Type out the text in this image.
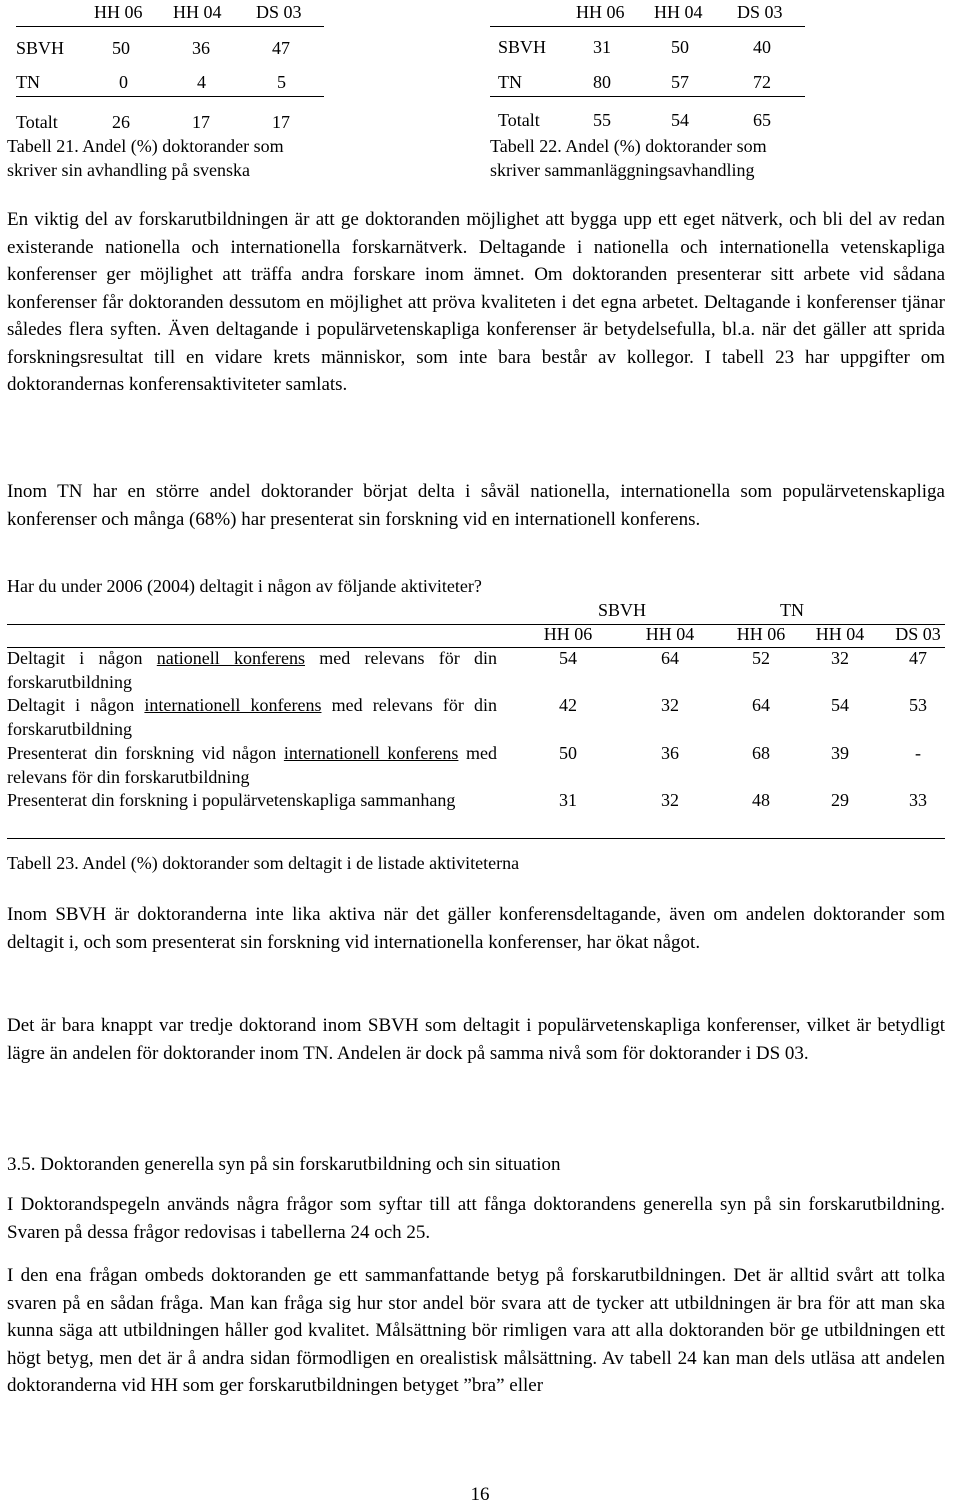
HH 06 HH 04 DS 03
SBVH	50	36	47
TN	0	4	5
Totalt	26	17	17
Tabell 21. Andel (%) doktorander som
skriver sin avhandling på svenska
HH 06 HH 04 DS 03
SBVH	31	50	40
TN	80	57	72
Totalt	55	54	65
Tabell 22. Andel (%) doktorander som
skriver sammanläggningsavhandling

En viktig del av forskarutbildningen är att ge doktoranden möjlighet att bygga upp ett eget nätverk, och bli del av redan existerande nationella och internationella forskarnätverk. Deltagande i nationella och internationella vetenskapliga konferenser ger möjlighet att träffa andra forskare inom ämnet. Om doktoranden presenterar sitt arbete vid sådana konferenser får doktoranden dessutom en möjlighet att pröva kvaliteten i det egna arbetet. Deltagande i konferenser tjänar således flera syften. Även deltagande i populärvetenskapliga konferenser är betydelsefulla, bl.a. när det gäller att sprida forskningsresultat till en vidare krets människor, som inte bara består av kollegor. I tabell 23 har uppgifter om doktorandernas konferensaktiviteter samlats.

Inom TN har en större andel doktorander börjat delta i såväl nationella, internationella som populärvetenskapliga konferenser och många (68%) har presenterat sin forskning vid en internationell konferens.

Har du under 2006 (2004) deltagit i någon av följande aktiviteter?
SBVH	TN
HH 06	HH 04	HH 06	HH 04	DS 03
Deltagit i någon nationell konferens med relevans för din forskarutbildning
54	64	52	32	47
Deltagit i någon internationell konferens med relevans för din forskarutbildning
42	32	64	54	53
Presenterat din forskning vid någon internationell konferens med relevans för din forskarutbildning
50	36	68	39	-
Presenterat din forskning i populärvetenskapliga sammanhang	31	32	48	29	33
Tabell 23. Andel (%) doktorander som deltagit i de listade aktiviteterna

Inom SBVH är doktoranderna inte lika aktiva när det gäller konferensdeltagande, även om andelen doktorander som deltagit i, och som presenterat sin forskning vid internationella konferenser, har ökat något.

Det är bara knappt var tredje doktorand inom SBVH som deltagit i populärvetenskapliga konferenser, vilket är betydligt lägre än andelen för doktorander inom TN. Andelen är dock på samma nivå som för doktorander i DS 03.

3.5. Doktoranden generella syn på sin forskarutbildning och sin situation

I Doktorandspegeln används några frågor som syftar till att fånga doktorandens generella syn på sin forskarutbildning. Svaren på dessa frågor redovisas i tabellerna 24 och 25.

I den ena frågan ombeds doktoranden ge ett sammanfattande betyg på forskarutbildningen. Det är alltid svårt att tolka svaren på en sådan fråga. Man kan fråga sig hur stor andel bör svara att de tycker att utbildningen är bra för att man ska kunna säga att utbildningen håller god kvalitet. Målsättning bör rimligen vara att alla doktoranden bör ge utbildningen ett högt betyg, men det är å andra sidan förmodligen en orealistisk målsättning. Av tabell 24 kan man dels utläsa att andelen doktoranderna vid HH som ger forskarutbildningen betyget ”bra” eller

16
